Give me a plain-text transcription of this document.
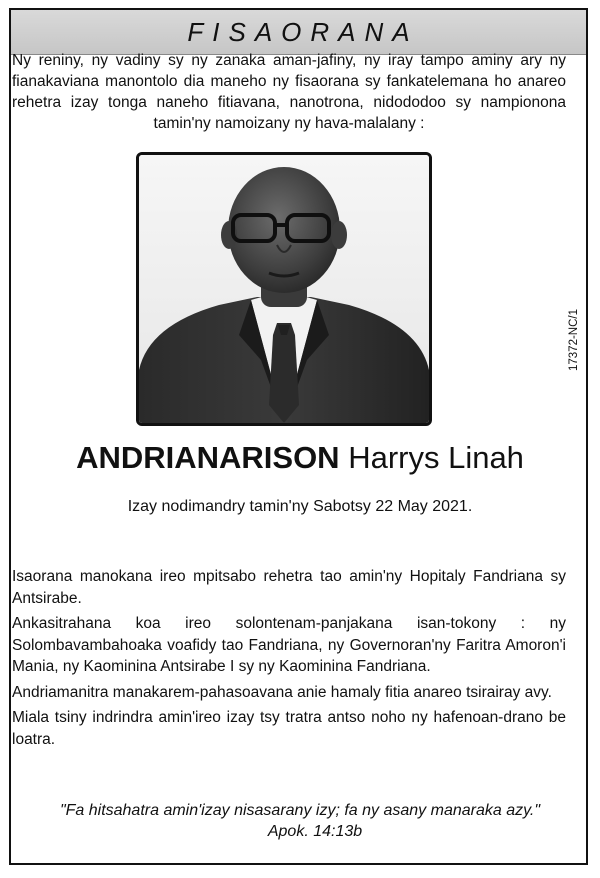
FISAORANA

Ny reniny, ny vadiny sy ny zanaka aman-jafiny, ny iray tampo aminy ary ny fianakaviana manontolo dia maneho ny fisaorana sy fankatelemana ho anareo rehetra izay tonga naneho fitiavana, nanotrona, nidododoo sy nampionona tamin'ny namoizany ny hava-malalany :

17372-NC/1
ANDRIANARISON Harrys Linah

Izay nodimandry tamin'ny Sabotsy 22 May 2021.

Isaorana manokana ireo mpitsabo rehetra tao amin'ny Hopitaly Fandriana sy Antsirabe.

Ankasitrahana koa ireo solontenam-panjakana isan-tokony : ny Solombavambahoaka voafidy tao Fandriana, ny Governoran'ny Faritra Amoron'i Mania, ny Kaominina Antsirabe I sy ny Kaominina Fandriana.

Andriamanitra manakarem-pahasoavana anie hamaly fitia anareo tsirairay avy.

Miala tsiny indrindra amin'ireo izay tsy tratra antso noho ny hafenoan-drano be loatra.

"Fa hitsahatra amin'izay nisasarany izy; fa ny asany manaraka azy."
Apok. 14:13b
